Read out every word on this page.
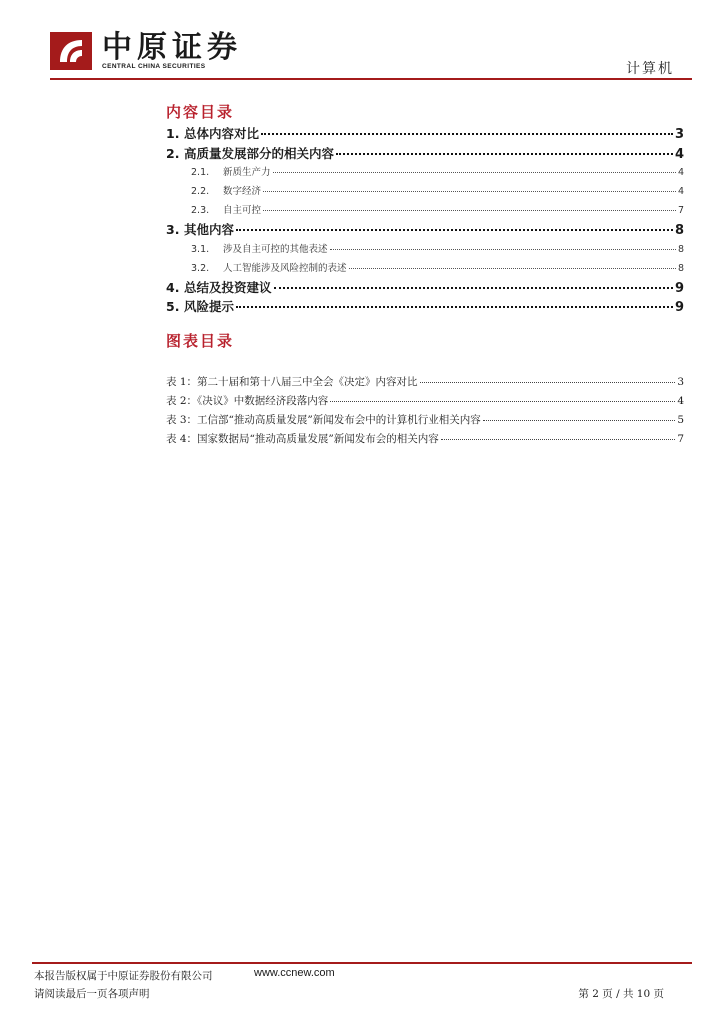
中原证券
CENTRAL CHINA SECURITIES	计算机
内容目录
1. 总体内容对比	3
2. 高质量发展部分的相关内容	4
2.1. 新质生产力	4
2.2. 数字经济	4
2.3. 自主可控	7
3. 其他内容	8
3.1. 涉及自主可控的其他表述	8
3.2. 人工智能涉及风险控制的表述	8
4. 总结及投资建议	9
5. 风险提示	9
图表目录
表 1：第二十届和第十八届三中全会《决定》内容对比	3
表 2：《决议》中数据经济段落内容	4
表 3：工信部“推动高质量发展”新闻发布会中的计算机行业相关内容	5
表 4：国家数据局“推动高质量发展”新闻发布会的相关内容	7
本报告版权属于中原证券股份有限公司	www.ccnew.com
请阅读最后一页各项声明	第 2 页 / 共 10 页
